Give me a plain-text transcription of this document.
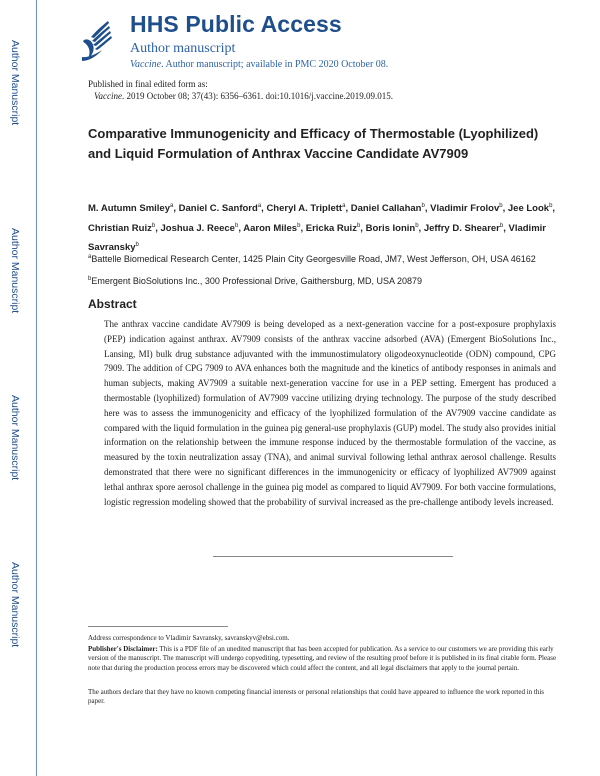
Author Manuscript
Author Manuscript
Author Manuscript
Author Manuscript
HHS Public Access
Author manuscript
Vaccine. Author manuscript; available in PMC 2020 October 08.
Published in final edited form as:
Vaccine. 2019 October 08; 37(43): 6356–6361. doi:10.1016/j.vaccine.2019.09.015.
Comparative Immunogenicity and Efficacy of Thermostable (Lyophilized) and Liquid Formulation of Anthrax Vaccine Candidate AV7909
M. Autumn Smiley$^a$, Daniel C. Sanford$^a$, Cheryl A. Triplett$^a$, Daniel Callahan$^b$, Vladimir Frolov$^b$, Jee Look$^b$, Christian Ruiz$^b$, Joshua J. Reece$^b$, Aaron Miles$^b$, Ericka Ruiz$^b$, Boris Ionin$^b$, Jeffry D. Shearer$^b$, Vladimir Savransky$^b$
$^a$Battelle Biomedical Research Center, 1425 Plain City Georgesville Road, JM7, West Jefferson, OH, USA 46162
$^b$Emergent BioSolutions Inc., 300 Professional Drive, Gaithersburg, MD, USA 20879
Abstract

The anthrax vaccine candidate AV7909 is being developed as a next-generation vaccine for a post-exposure prophylaxis (PEP) indication against anthrax. AV7909 consists of the anthrax vaccine adsorbed (AVA) (Emergent BioSolutions Inc., Lansing, MI) bulk drug substance adjuvanted with the immunostimulatory oligodeoxynucleotide (ODN) compound, CPG 7909. The addition of CPG 7909 to AVA enhances both the magnitude and the kinetics of antibody responses in animals and human subjects, making AV7909 a suitable next-generation vaccine for use in a PEP setting. Emergent has produced a thermostable (lyophilized) formulation of AV7909 vaccine utilizing drying technology. The purpose of the study described here was to assess the immunogenicity and efficacy of the lyophilized formulation of the AV7909 vaccine candidate as compared with the liquid formulation in the guinea pig general-use prophylaxis (GUP) model. The study also provides initial information on the relationship between the immune response induced by the thermostable formulation of the vaccine, as measured by the toxin neutralization assay (TNA), and animal survival following lethal anthrax aerosol challenge. Results demonstrated that there were no significant differences in the immunogenicity or efficacy of lyophilized AV7909 against lethal anthrax spore aerosol challenge in the guinea pig model as compared to liquid AV7909. For both vaccine formulations, logistic regression modeling showed that the probability of survival increased as the pre-challenge antibody levels increased.

Address correspondence to Vladimir Savransky, savranskyv@ebsi.com.

Publisher's Disclaimer: This is a PDF file of an unedited manuscript that has been accepted for publication. As a service to our customers we are providing this early version of the manuscript. The manuscript will undergo copyediting, typesetting, and review of the resulting proof before it is published in its final citable form. Please note that during the production process errors may be discovered which could affect the content, and all legal disclaimers that apply to the journal pertain.

The authors declare that they have no known competing financial interests or personal relationships that could have appeared to influence the work reported in this paper.
